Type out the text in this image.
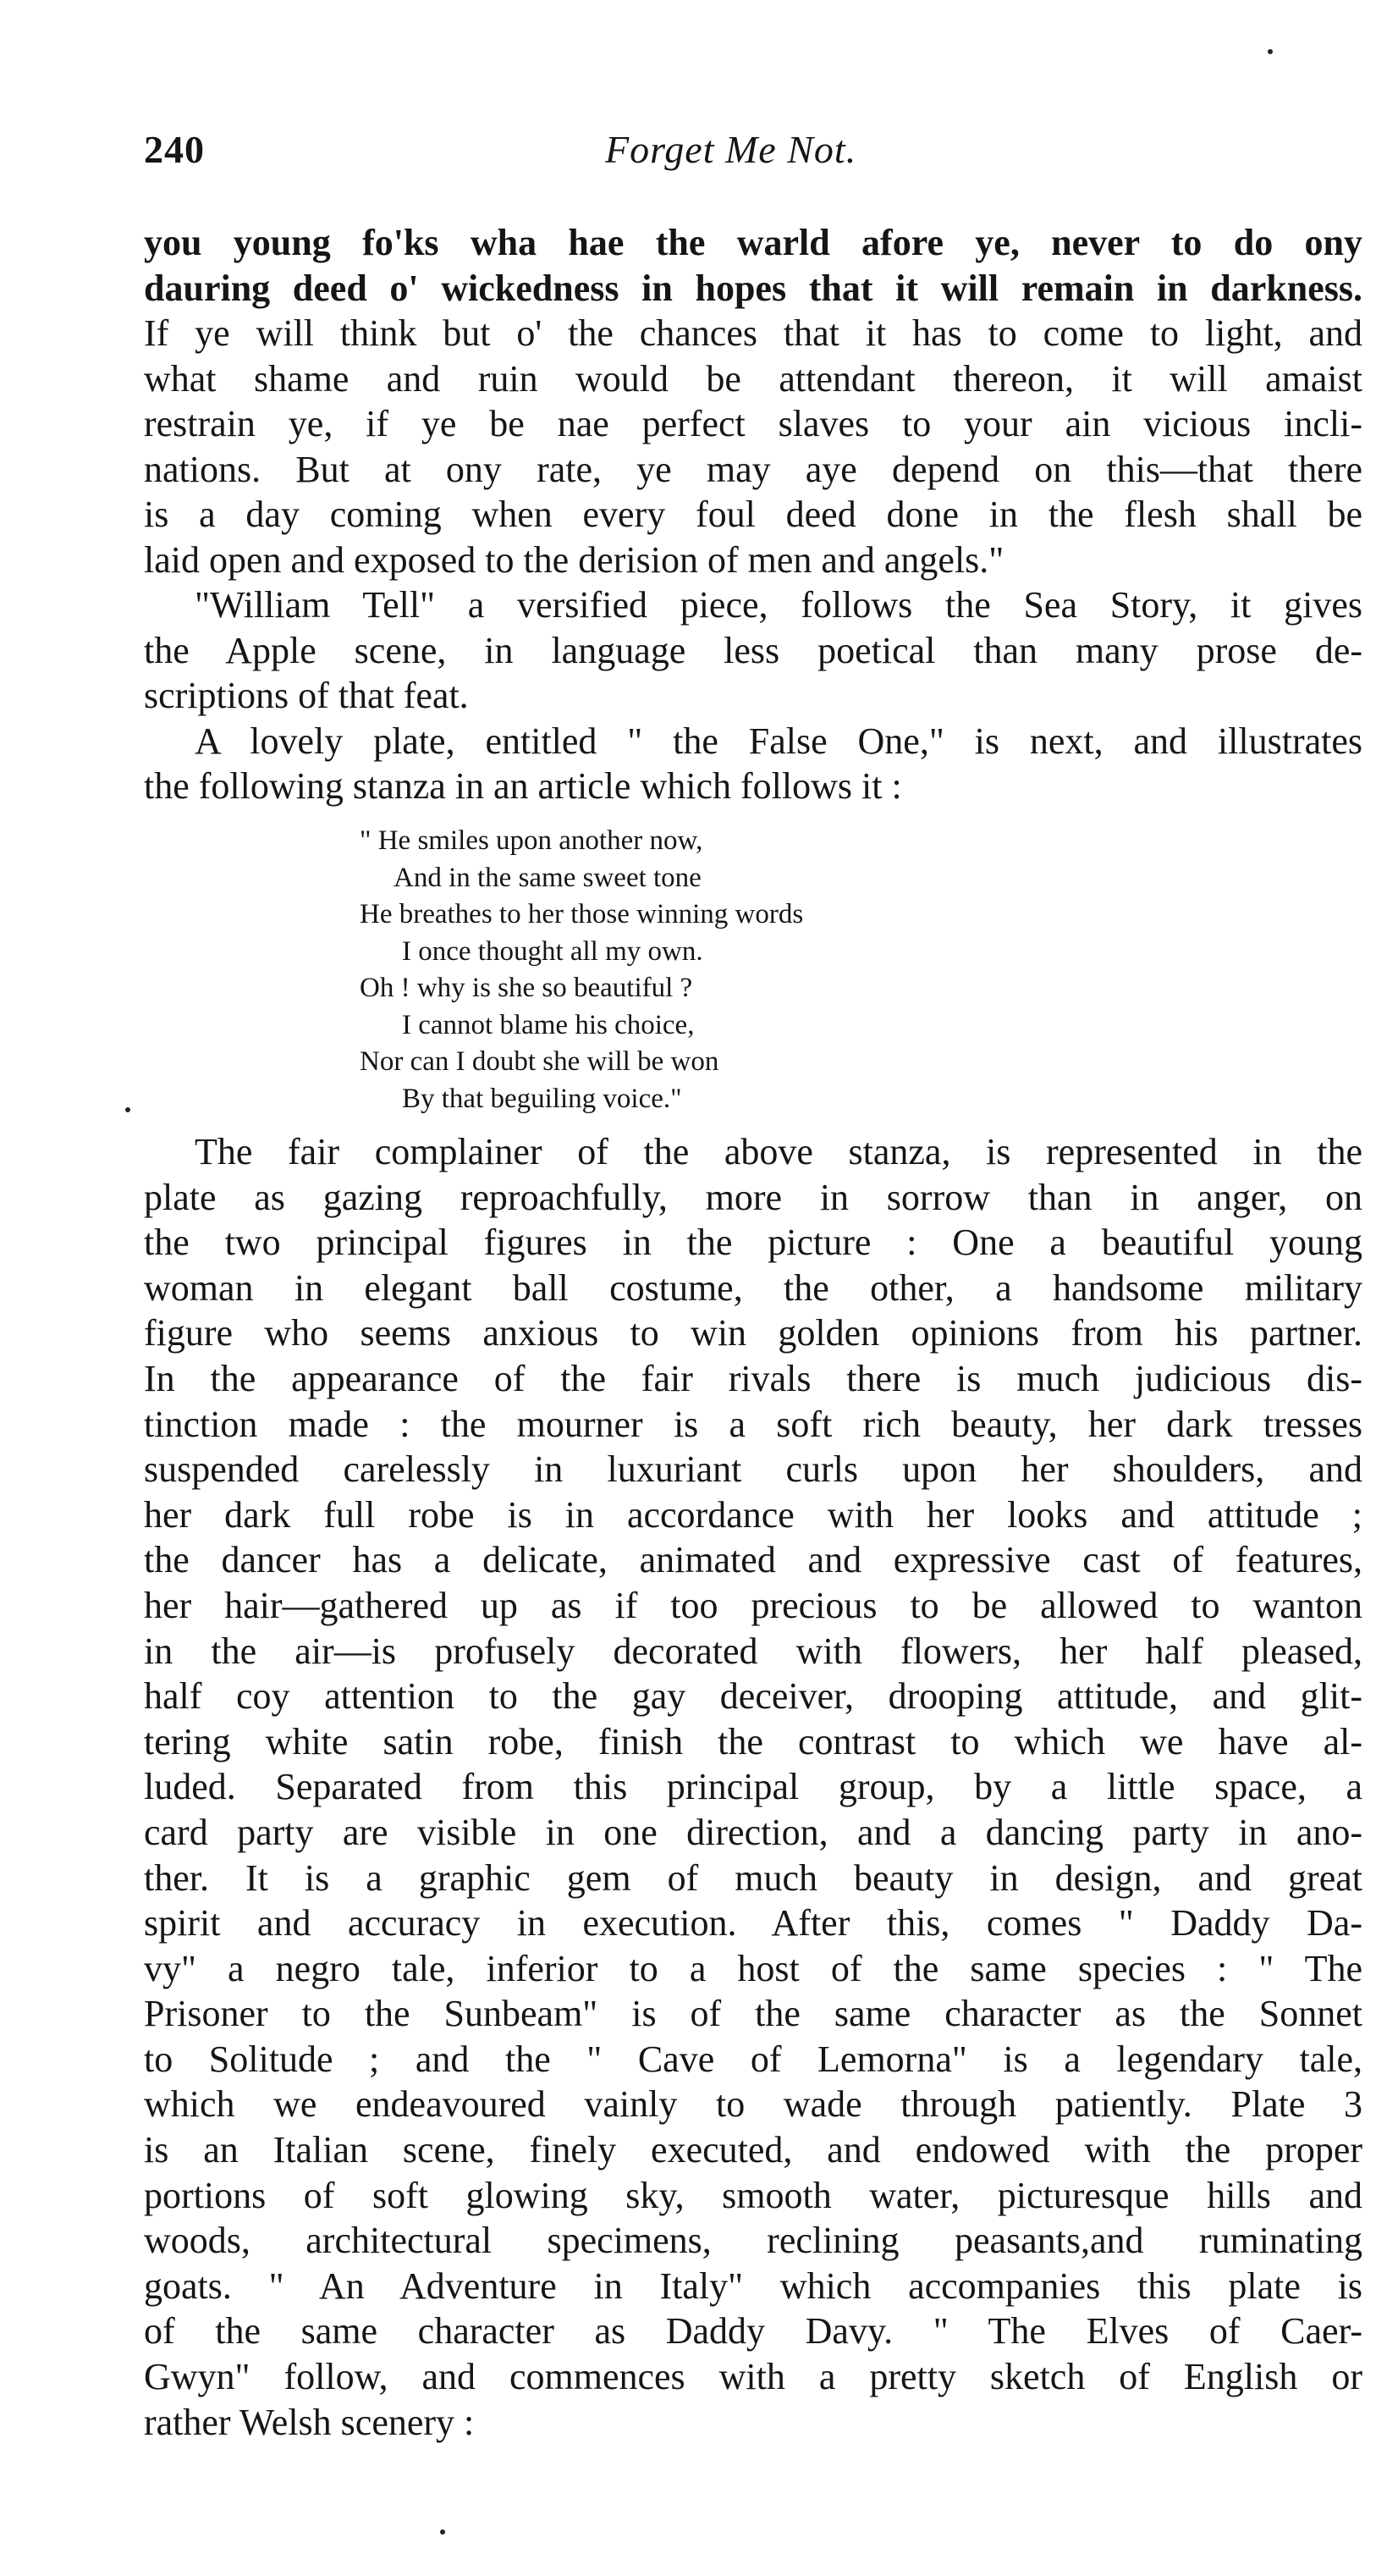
240	Forget Me Not.
you young fo'ks wha hae the warld afore ye, never to do ony
dauring deed o' wickedness in hopes that it will remain in darkness.
If ye will think but o' the chances that it has to come to light, and
what shame and ruin would be attendant thereon, it will amaist
restrain ye, if ye be nae perfect slaves to your ain vicious incli-
nations. But at ony rate, ye may aye depend on this—that there
is a day coming when every foul deed done in the flesh shall be
laid open and exposed to the derision of men and angels."
"William Tell" a versified piece, follows the Sea Story, it gives
the Apple scene, in language less poetical than many prose de-
scriptions of that feat.
A lovely plate, entitled " the False One," is next, and illustrates
the following stanza in an article which follows it :
" He smiles upon another now,
And in the same sweet tone
He breathes to her those winning words
I once thought all my own.
Oh ! why is she so beautiful ?
I cannot blame his choice,
Nor can I doubt she will be won
By that beguiling voice."
The fair complainer of the above stanza, is represented in the
plate as gazing reproachfully, more in sorrow than in anger, on
the two principal figures in the picture : One a beautiful young
woman in elegant ball costume, the other, a handsome military
figure who seems anxious to win golden opinions from his partner.
In the appearance of the fair rivals there is much judicious dis-
tinction made : the mourner is a soft rich beauty, her dark tresses
suspended carelessly in luxuriant curls upon her shoulders, and
her dark full robe is in accordance with her looks and attitude ;
the dancer has a delicate, animated and expressive cast of features,
her hair—gathered up as if too precious to be allowed to wanton
in the air—is profusely decorated with flowers, her half pleased,
half coy attention to the gay deceiver, drooping attitude, and glit-
tering white satin robe, finish the contrast to which we have al-
luded. Separated from this principal group, by a little space, a
card party are visible in one direction, and a dancing party in ano-
ther. It is a graphic gem of much beauty in design, and great
spirit and accuracy in execution. After this, comes " Daddy Da-
vy" a negro tale, inferior to a host of the same species : " The
Prisoner to the Sunbeam" is of the same character as the Sonnet
to Solitude ; and the " Cave of Lemorna" is a legendary tale,
which we endeavoured vainly to wade through patiently. Plate 3
is an Italian scene, finely executed, and endowed with the proper
portions of soft glowing sky, smooth water, picturesque hills and
woods, architectural specimens, reclining peasants,and ruminating
goats. " An Adventure in Italy" which accompanies this plate is
of the same character as Daddy Davy. " The Elves of Caer-
Gwyn" follow, and commences with a pretty sketch of English or
rather Welsh scenery :
